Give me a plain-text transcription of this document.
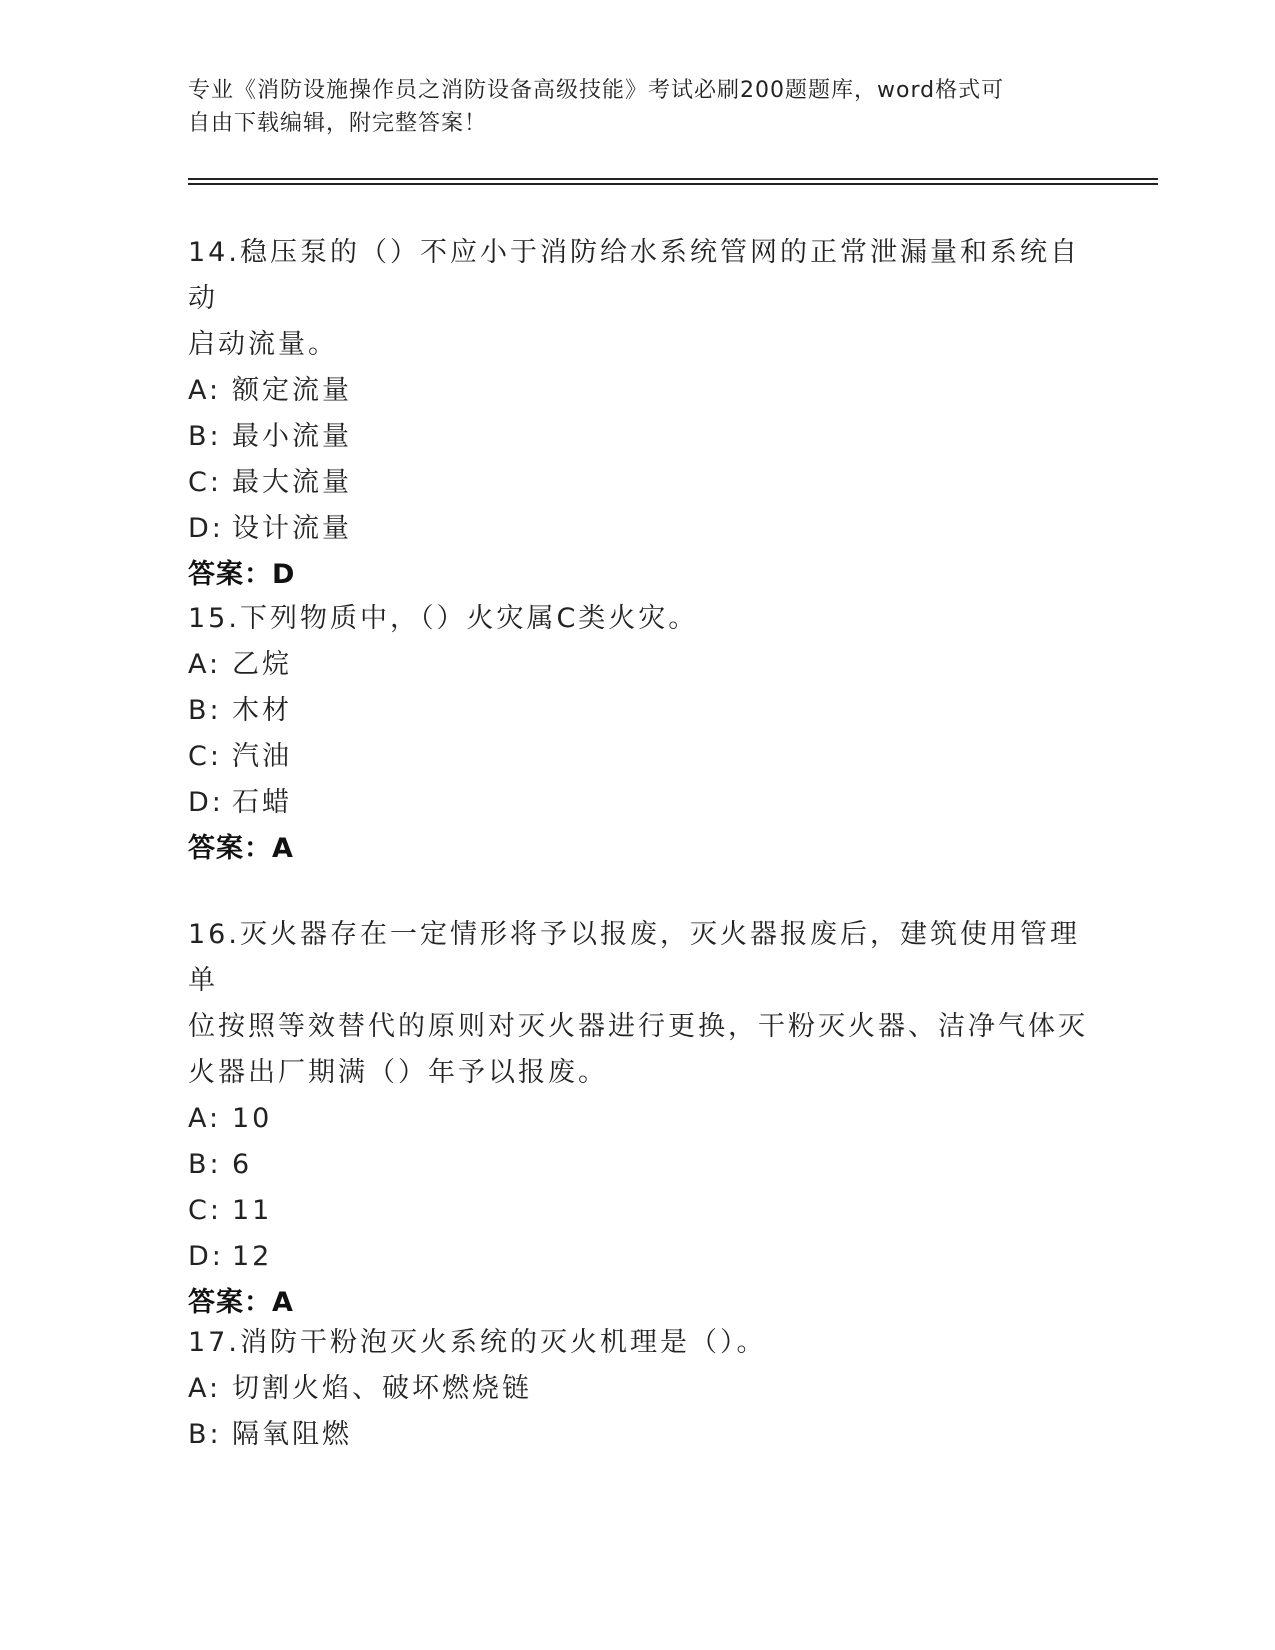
专业《消防设施操作员之消防设备高级技能》考试必刷200题题库，word格式可
自由下载编辑，附完整答案！
14.稳压泵的（）不应小于消防给水系统管网的正常泄漏量和系统自动
启动流量。
A: 额定流量
B: 最小流量
C: 最大流量
D: 设计流量
答案：D
15.下列物质中，（）火灾属C类火灾。
A: 乙烷
B: 木材
C: 汽油
D: 石蜡
答案：A
16.灭火器存在一定情形将予以报废，灭火器报废后，建筑使用管理单
位按照等效替代的原则对灭火器进行更换，干粉灭火器、洁净气体灭
火器出厂期满（）年予以报废。
A: 10
B: 6
C: 11
D: 12
答案：A
17.消防干粉泡灭火系统的灭火机理是（）。
A: 切割火焰、破坏燃烧链
B: 隔氧阻燃
